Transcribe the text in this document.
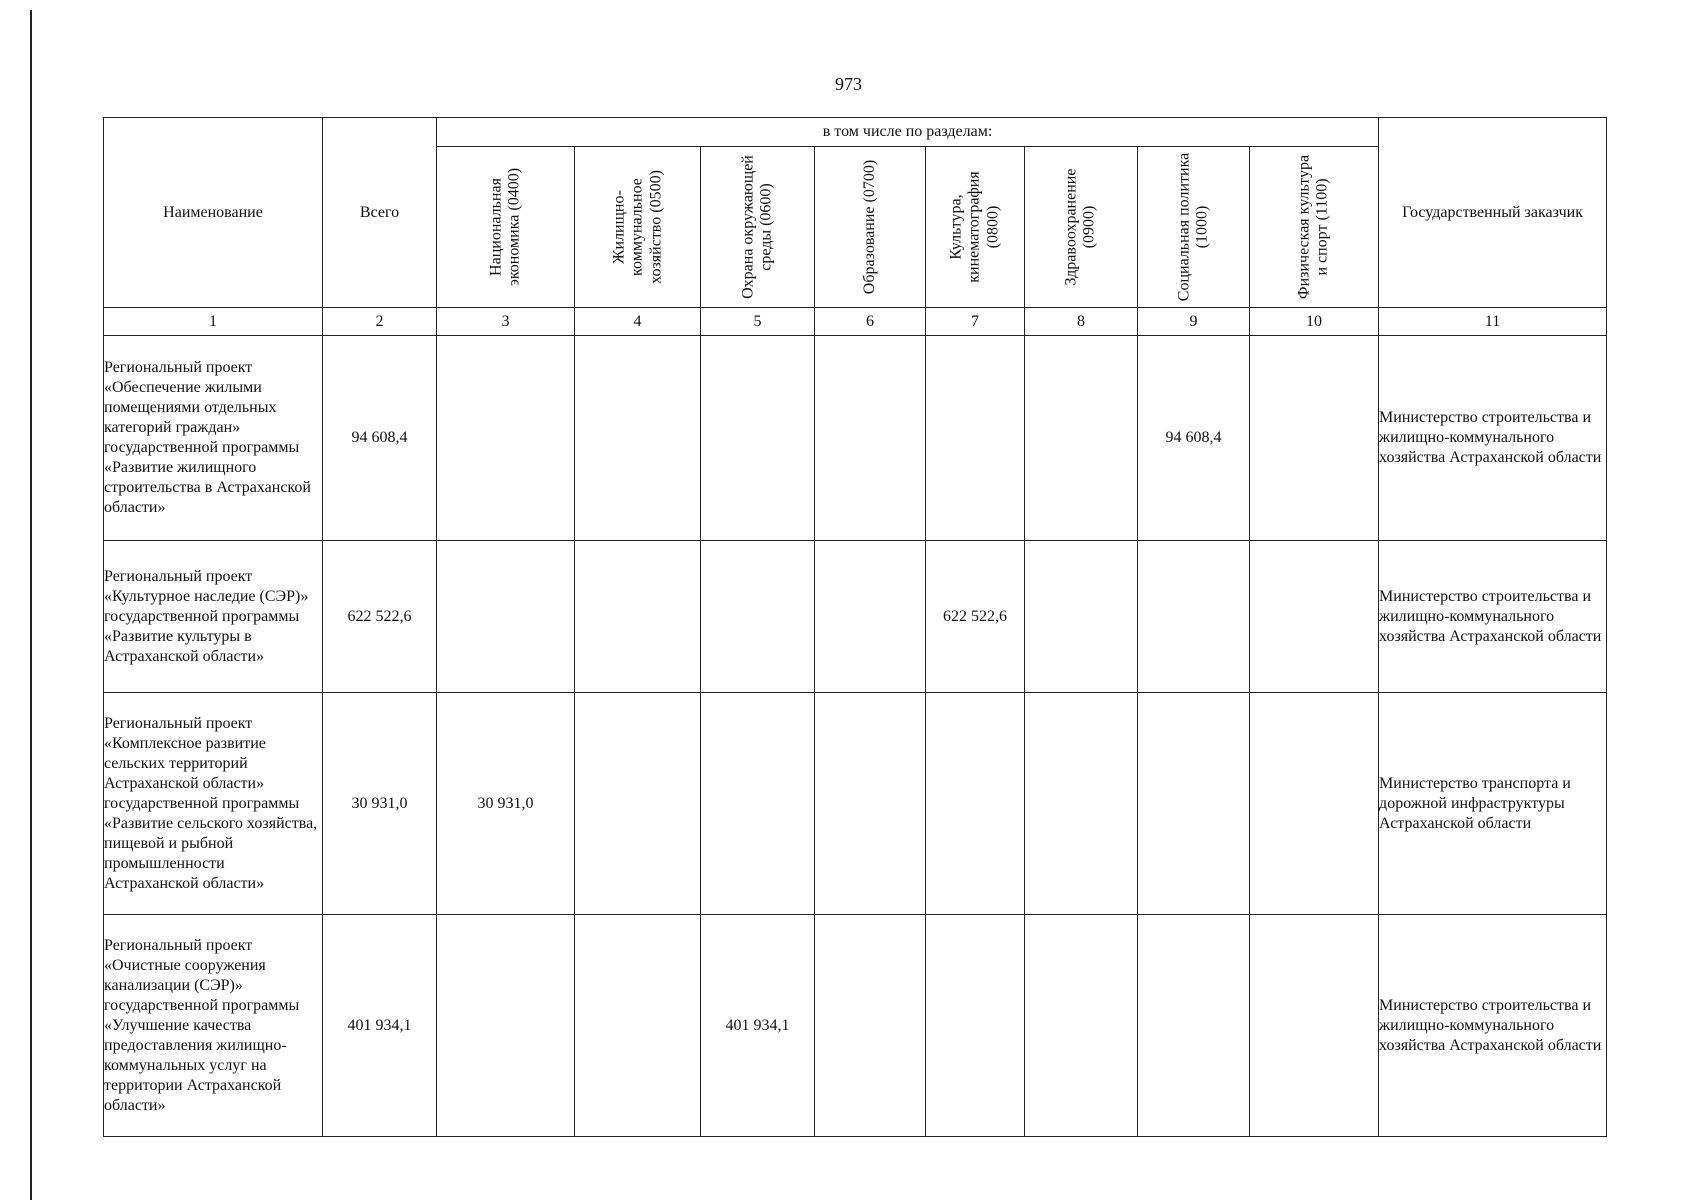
973
Наименование	Всего	в том числе по разделам:								Государственный заказчик

		Национальная экономика (0400)	Жилищно-коммунальное хозяйство (0500)	Охрана окружающей среды (0600)	Образование (0700)	Культура, кинематография (0800)	Здравоохранение (0900)	Социальная политика (1000)	Физическая культура и спорт (1100)	

1	2	3	4	5	6	7	8	9	10	11
Региональный проект «Обеспечение жилыми помещениями отдельных категорий граждан» государственной программы «Развитие жилищного строительства в Астраханской области»	94 608,4							94 608,4		Министерство строительства и жилищно-коммунального хозяйства Астраханской области
Региональный проект «Культурное наследие (СЭР)» государственной программы «Развитие культуры в Астраханской области»	622 522,6					622 522,6				Министерство строительства и жилищно-коммунального хозяйства Астраханской области
Региональный проект «Комплексное развитие сельских территорий Астраханской области» государственной программы «Развитие сельского хозяйства, пищевой и рыбной промышленности Астраханской области»	30 931,0	30 931,0								Министерство транспорта и дорожной инфраструктуры Астраханской области
Региональный проект «Очистные сооружения канализации (СЭР)» государственной программы «Улучшение качества предоставления жилищно-коммунальных услуг на территории Астраханской области»	401 934,1			401 934,1						Министерство строительства и жилищно-коммунального хозяйства Астраханской области
